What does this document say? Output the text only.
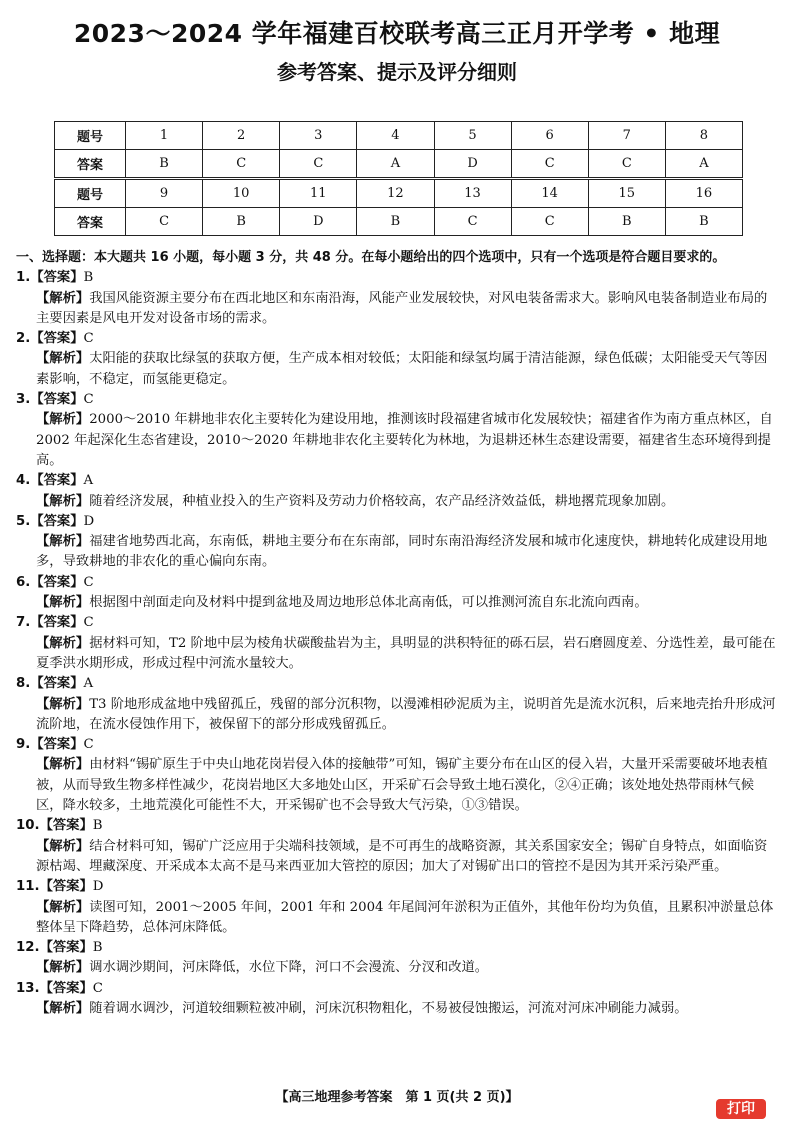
2023～2024 学年福建百校联考高三正月开学考 • 地理
参考答案、提示及评分细则
题号	1	2	3	4	5	6	7	8
答案	B	C	C	A	D	C	C	A
题号	9	10	11	12	13	14	15	16
答案	C	B	D	B	C	C	B	B
一、选择题：本大题共 16 小题，每小题 3 分，共 48 分。在每小题给出的四个选项中，只有一个选项是符合题目要求的。
1.【答案】B
【解析】我国风能资源主要分布在西北地区和东南沿海，风能产业发展较快，对风电装备需求大。影响风电装备制造业布局的主要因素是风电开发对设备市场的需求。
2.【答案】C
【解析】太阳能的获取比绿氢的获取方便，生产成本相对较低；太阳能和绿氢均属于清洁能源，绿色低碳；太阳能受天气等因素影响，不稳定，而氢能更稳定。
3.【答案】C
【解析】2000～2010 年耕地非农化主要转化为建设用地，推测该时段福建省城市化发展较快；福建省作为南方重点林区，自 2002 年起深化生态省建设，2010～2020 年耕地非农化主要转化为林地，为退耕还林生态建设需要，福建省生态环境得到提高。
4.【答案】A
【解析】随着经济发展，种植业投入的生产资料及劳动力价格较高，农产品经济效益低，耕地撂荒现象加剧。
5.【答案】D
【解析】福建省地势西北高，东南低，耕地主要分布在东南部，同时东南沿海经济发展和城市化速度快，耕地转化成建设用地多，导致耕地的非农化的重心偏向东南。
6.【答案】C
【解析】根据图中剖面走向及材料中提到盆地及周边地形总体北高南低，可以推测河流自东北流向西南。
7.【答案】C
【解析】据材料可知，T2 阶地中层为棱角状碳酸盐岩为主，具明显的洪积特征的砾石层，岩石磨圆度差、分选性差，最可能在夏季洪水期形成，形成过程中河流水量较大。
8.【答案】A
【解析】T3 阶地形成盆地中残留孤丘，残留的部分沉积物，以漫滩相砂泥质为主，说明首先是流水沉积，后来地壳抬升形成河流阶地，在流水侵蚀作用下，被保留下的部分形成残留孤丘。
9.【答案】C
【解析】由材料“锡矿原生于中央山地花岗岩侵入体的接触带”可知，锡矿主要分布在山区的侵入岩，大量开采需要破坏地表植被，从而导致生物多样性减少，花岗岩地区大多地处山区，开采矿石会导致土地石漠化，②④正确；该处地处热带雨林气候区，降水较多，土地荒漠化可能性不大，开采锡矿也不会导致大气污染，①③错误。
10.【答案】B
【解析】结合材料可知，锡矿广泛应用于尖端科技领域，是不可再生的战略资源，其关系国家安全；锡矿自身特点，如面临资源枯竭、埋藏深度、开采成本太高不是马来西亚加大管控的原因；加大了对锡矿出口的管控不是因为其开采污染严重。
11.【答案】D
【解析】读图可知，2001～2005 年间，2001 年和 2004 年尾闾河年淤积为正值外，其他年份均为负值，且累积冲淤量总体整体呈下降趋势，总体河床降低。
12.【答案】B
【解析】调水调沙期间，河床降低，水位下降，河口不会漫流、分汊和改道。
13.【答案】C
【解析】随着调水调沙，河道较细颗粒被冲刷，河床沉积物粗化，不易被侵蚀搬运，河流对河床冲刷能力减弱。
【高三地理参考答案　第 1 页(共 2 页)】
打印
